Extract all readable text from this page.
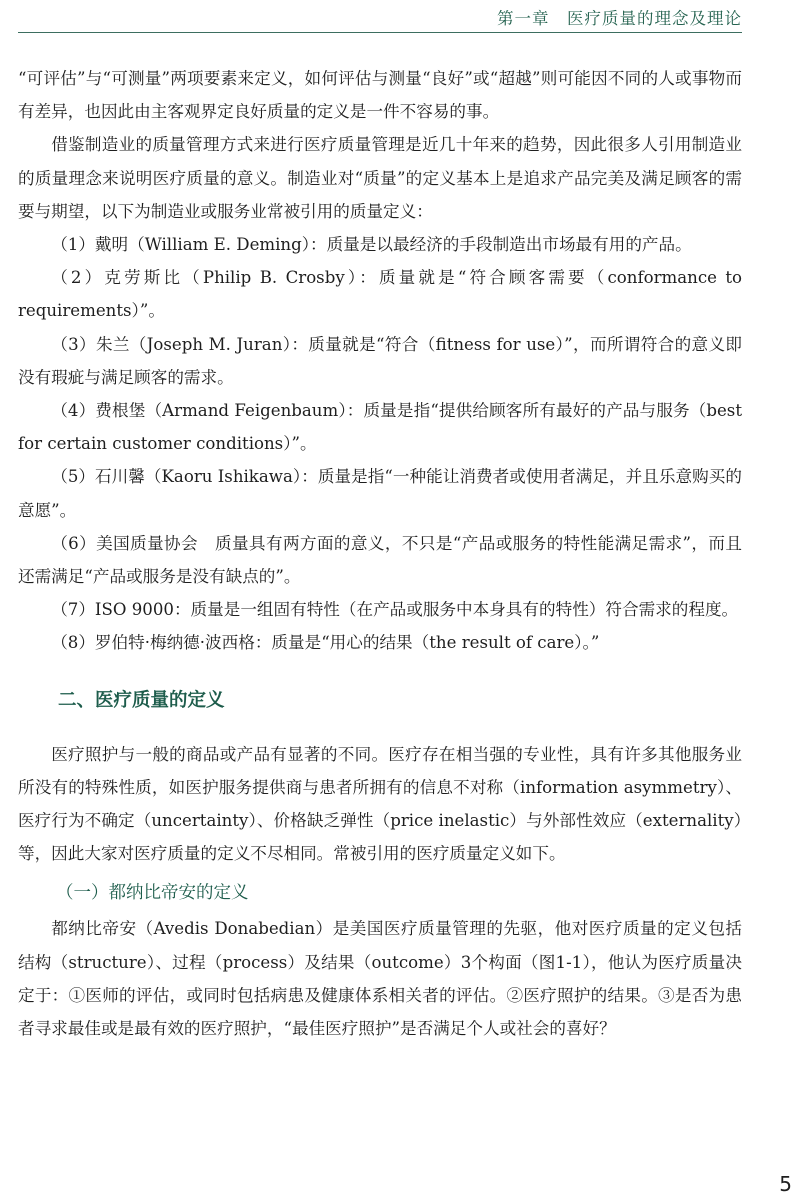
第一章　医疗质量的理念及理论

“可评估”与“可测量”两项要素来定义，如何评估与测量“良好”或“超越”则可能因不同的人或事物而有差异，也因此由主客观界定良好质量的定义是一件不容易的事。

借鉴制造业的质量管理方式来进行医疗质量管理是近几十年来的趋势，因此很多人引用制造业的质量理念来说明医疗质量的意义。制造业对“质量”的定义基本上是追求产品完美及满足顾客的需要与期望，以下为制造业或服务业常被引用的质量定义：

（1）戴明（William E. Deming）：质量是以最经济的手段制造出市场最有用的产品。

（2）克劳斯比（Philip B. Crosby）：质量就是“符合顾客需要（conformance to requirements）”。

（3）朱兰（Joseph M. Juran）：质量就是“符合（fitness for use）”，而所谓符合的意义即没有瑕疵与满足顾客的需求。

（4）费根堡（Armand Feigenbaum）：质量是指“提供给顾客所有最好的产品与服务（best for certain customer conditions）”。

（5）石川馨（Kaoru Ishikawa）：质量是指“一种能让消费者或使用者满足，并且乐意购买的意愿”。

（6）美国质量协会　质量具有两方面的意义，不只是“产品或服务的特性能满足需求”，而且还需满足“产品或服务是没有缺点的”。

（7）ISO 9000：质量是一组固有特性（在产品或服务中本身具有的特性）符合需求的程度。

（8）罗伯特·梅纳德·波西格：质量是“用心的结果（the result of care）。”

二、医疗质量的定义

医疗照护与一般的商品或产品有显著的不同。医疗存在相当强的专业性，具有许多其他服务业所没有的特殊性质，如医护服务提供商与患者所拥有的信息不对称（information asymmetry）、医疗行为不确定（uncertainty）、价格缺乏弹性（price inelastic）与外部性效应（externality）等，因此大家对医疗质量的定义不尽相同。常被引用的医疗质量定义如下。

（一）都纳比帝安的定义

都纳比帝安（Avedis Donabedian）是美国医疗质量管理的先驱，他对医疗质量的定义包括结构（structure）、过程（process）及结果（outcome）3个构面（图1-1），他认为医疗质量决定于：①医师的评估，或同时包括病患及健康体系相关者的评估。②医疗照护的结果。③是否为患者寻求最佳或是最有效的医疗照护，“最佳医疗照护”是否满足个人或社会的喜好？

5
